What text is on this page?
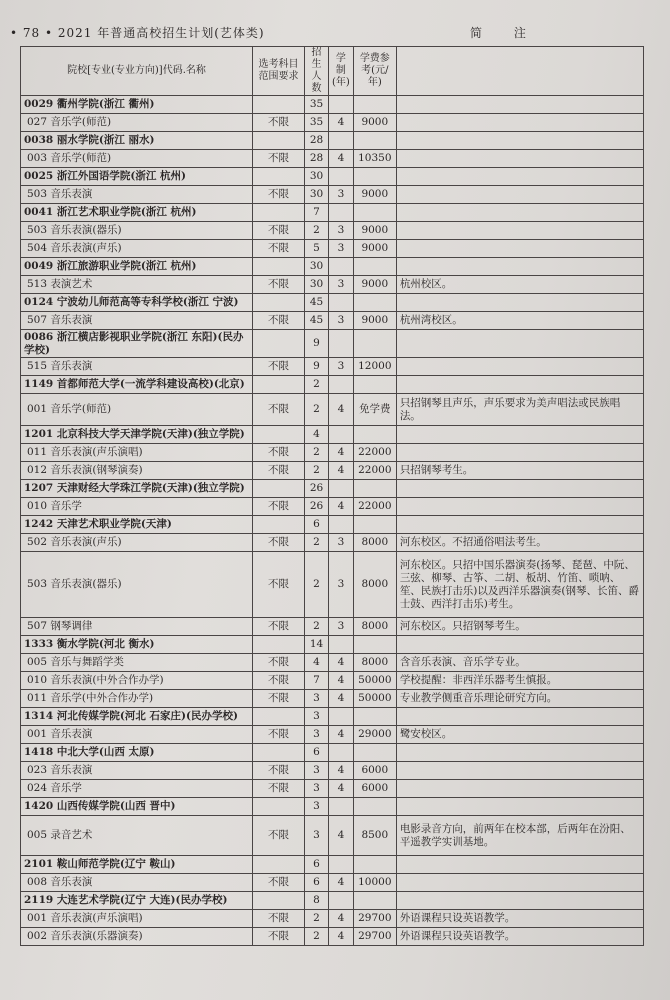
• 78 • 2021 年普通高校招生计划(艺体类)	简 注
院校[专业(专业方向)]代码.名称	选考科目范围要求	招生人数	学制(年)	学费参考(元/年)	
0029 衢州学院(浙江 衢州)		35			
027 音乐学(师范)	不限	35	4	9000	
0038 丽水学院(浙江 丽水)		28			
003 音乐学(师范)	不限	28	4	10350	
0025 浙江外国语学院(浙江 杭州)		30			
503 音乐表演	不限	30	3	9000	
0041 浙江艺术职业学院(浙江 杭州)		7			
503 音乐表演(器乐)	不限	2	3	9000	
504 音乐表演(声乐)	不限	5	3	9000	
0049 浙江旅游职业学院(浙江 杭州)		30			
513 表演艺术	不限	30	3	9000	杭州校区。
0124 宁波幼儿师范高等专科学校(浙江 宁波)		45			
507 音乐表演	不限	45	3	9000	杭州湾校区。
0086 浙江横店影视职业学院(浙江 东阳)(民办学校)		9			
515 音乐表演	不限	9	3	12000	
1149 首都师范大学(一流学科建设高校)(北京)		2			
001 音乐学(师范)	不限	2	4	免学费	只招钢琴且声乐，声乐要求为美声唱法或民族唱法。
1201 北京科技大学天津学院(天津)(独立学院)		4			
011 音乐表演(声乐演唱)	不限	2	4	22000	
012 音乐表演(钢琴演奏)	不限	2	4	22000	只招钢琴考生。
1207 天津财经大学珠江学院(天津)(独立学院)		26			
010 音乐学	不限	26	4	22000	
1242 天津艺术职业学院(天津)		6			
502 音乐表演(声乐)	不限	2	3	8000	河东校区。不招通俗唱法考生。
503 音乐表演(器乐)	不限	2	3	8000	河东校区。只招中国乐器演奏(扬琴、琵琶、中阮、三弦、柳琴、古筝、二胡、板胡、竹笛、唢呐、笙、民族打击乐)以及西洋乐器演奏(钢琴、长笛、爵士鼓、西洋打击乐)考生。
507 钢琴调律	不限	2	3	8000	河东校区。只招钢琴考生。
1333 衡水学院(河北 衡水)		14			
005 音乐与舞蹈学类	不限	4	4	8000	含音乐表演、音乐学专业。
010 音乐表演(中外合作办学)	不限	7	4	50000	学校提醒：非西洋乐器考生慎报。
011 音乐学(中外合作办学)	不限	3	4	50000	专业教学侧重音乐理论研究方向。
1314 河北传媒学院(河北 石家庄)(民办学校)		3			
001 音乐表演	不限	3	4	29000	鹭安校区。
1418 中北大学(山西 太原)		6			
023 音乐表演	不限	3	4	6000	
024 音乐学	不限	3	4	6000	
1420 山西传媒学院(山西 晋中)		3			
005 录音艺术	不限	3	4	8500	电影录音方向，前两年在校本部，后两年在汾阳、平遥教学实训基地。
2101 鞍山师范学院(辽宁 鞍山)		6			
008 音乐表演	不限	6	4	10000	
2119 大连艺术学院(辽宁 大连)(民办学校)		8			
001 音乐表演(声乐演唱)	不限	2	4	29700	外语课程只设英语教学。
002 音乐表演(乐器演奏)	不限	2	4	29700	外语课程只设英语教学。
